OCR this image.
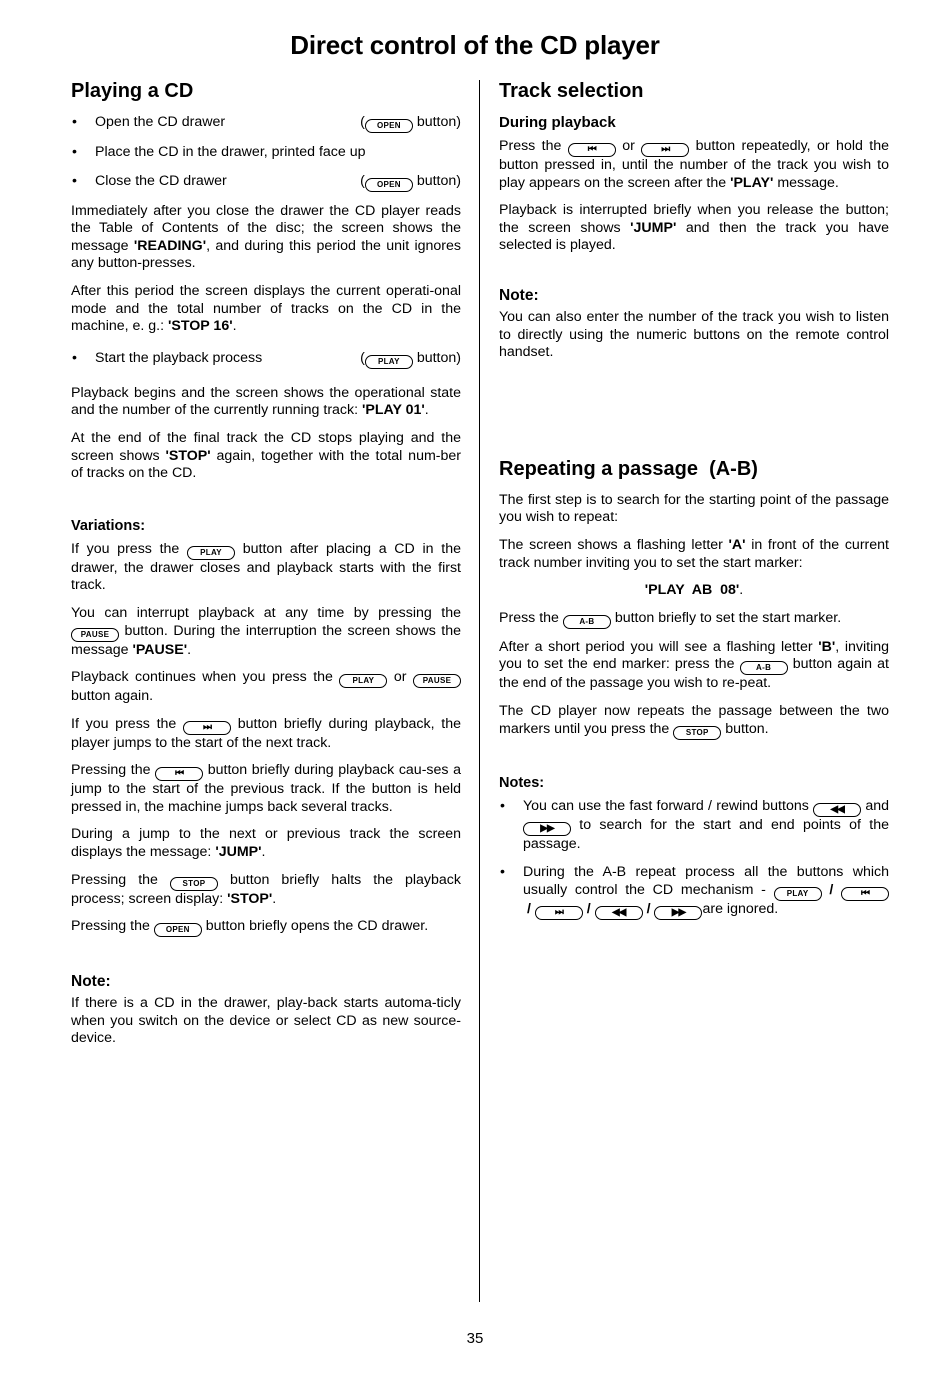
Direct control of the CD player
Playing a CD
• Open the CD drawer	( OPEN button)
• Place the CD in the drawer, printed face up
• Close the CD drawer	( OPEN button)

Immediately after you close the drawer the CD player reads the Table of Contents of the disc; the screen shows the message 'READING', and during this period the unit ignores any button-presses.

After this period the screen displays the current operati-onal mode and the total number of tracks on the CD in the machine, e. g.: 'STOP 16'.

• Start the playback process	( PLAY button)

Playback begins and the screen shows the operational state and the number of the currently running track: 'PLAY 01'.

At the end of the final track the CD stops playing and the screen shows 'STOP' again, together with the total num-ber of tracks on the CD.

Variations:

If you press the PLAY button after placing a CD in the drawer, the drawer closes and playback starts with the first track.

You can interrupt playback at any time by pressing the PAUSE button. During the interruption the screen shows the message 'PAUSE'.

Playback continues when you press the PLAY or PAUSE button again.

If you press the ⏭ button briefly during playback, the player jumps to the start of the next track.

Pressing the ⏮ button briefly during playback cau-ses a jump to the start of the previous track. If the button is held pressed in, the machine jumps back several tracks.

During a jump to the next or previous track the screen displays the message: 'JUMP'.

Pressing the STOP button briefly halts the playback process; screen display: 'STOP'.

Pressing the OPEN button briefly opens the CD drawer.

Note:

If there is a CD in the drawer, play-back starts automa-ticly when you switch on the device or select CD as new source-device.

Track selection
During playback

Press the ⏮ or ⏭ button repeatedly, or hold the button pressed in, until the number of the track you wish to play appears on the screen after the 'PLAY' message.

Playback is interrupted briefly when you release the button; the screen shows 'JUMP' and then the track you have selected is played.

Note:

You can also enter the number of the track you wish to listen to directly using the numeric buttons on the remote control handset.

Repeating a passage  (A-B)

The first step is to search for the starting point of the passage you wish to repeat:

The screen shows a flashing letter 'A' in front of the current track number inviting you to set the start marker:

'PLAY  AB  08'.

Press the A-B button briefly to set the start marker.

After a short period you will see a flashing letter 'B', inviting you to set the end marker: press the A-B button again at the end of the passage you wish to re-peat.

The CD player now repeats the passage between the two markers until you press the STOP button.

Notes:
• You can use the fast forward / rewind buttons ◀◀ and ▶▶ to search for the start and end points of the passage.
• During the A-B repeat process all the buttons which usually control the CD mechanism - PLAY / ⏮ / ⏭ / ◀◀ / ▶▶ are ignored.
35
